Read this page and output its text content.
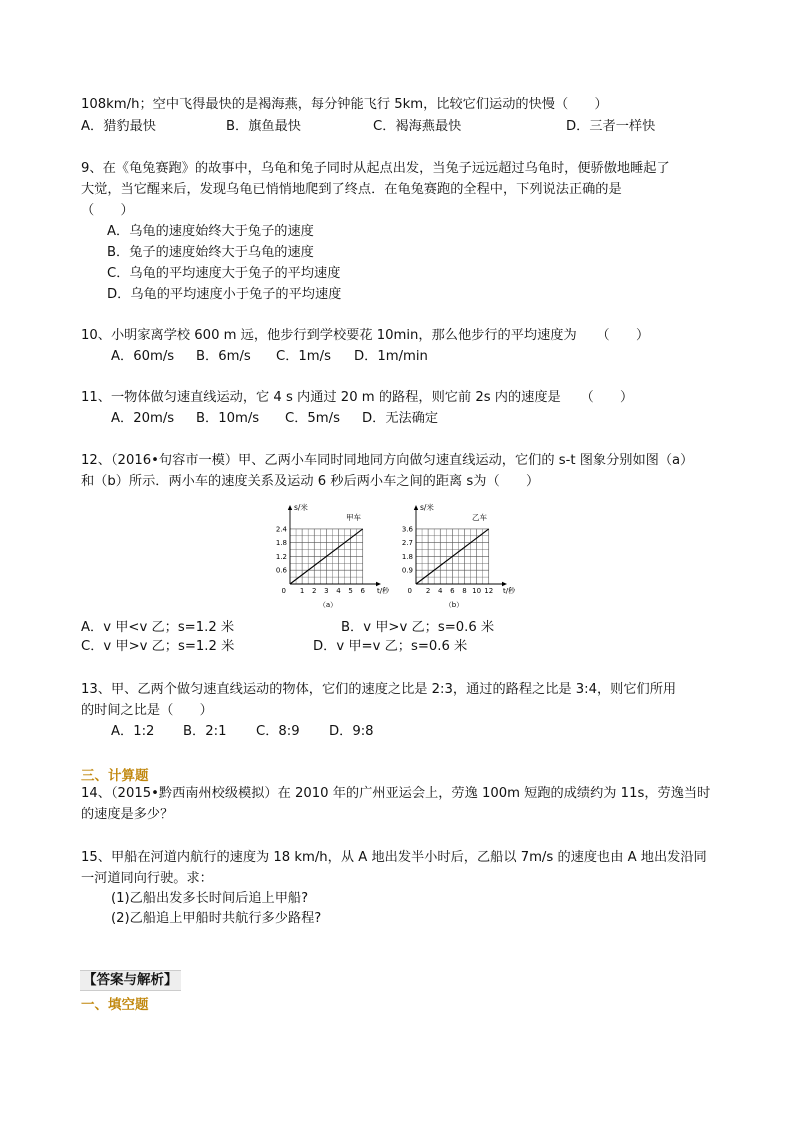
108km/h；空中飞得最快的是褐海燕，每分钟能飞行 5km，比较它们运动的快慢（　　）
A．猎豹最快	B．旗鱼最快	C．褐海燕最快	D．三者一样快
9、在《龟兔赛跑》的故事中，乌龟和兔子同时从起点出发，当兔子远远超过乌龟时，便骄傲地睡起了
大觉，当它醒来后，发现乌龟已悄悄地爬到了终点．在龟兔赛跑的全程中，下列说法正确的是
（　　）
A．乌龟的速度始终大于兔子的速度
B．兔子的速度始终大于乌龟的速度
C．乌龟的平均速度大于兔子的平均速度
D．乌龟的平均速度小于兔子的平均速度
10、小明家离学校 600 m 远，他步行到学校要花 10min，那么他步行的平均速度为　　（　　）
A．60m/s B．6m/s C．1m/s D．1m/min
11、一物体做匀速直线运动，它 4 s 内通过 20 m 的路程，则它前 2s 内的速度是　　（　　）
A．20m/s B．10m/s C．5m/s D．无法确定
12、（2016•句容市一模）甲、乙两小车同时同地同方向做匀速直线运动，它们的 s-t 图象分别如图（a）
和（b）所示．两小车的速度关系及运动 6 秒后两小车之间的距离 s为（　　）
1 2 3 4 5 6
0.6
1.2
1.8
2.4
0
s/米
t/秒
甲车
（a）
2 4 6 8 10 12
0.9
1.8
2.7
3.6
0
s/米
t/秒
乙车
（b）
A．v 甲<v 乙；s=1.2 米	B．v 甲>v 乙；s=0.6 米
C．v 甲>v 乙；s=1.2 米	D．v 甲=v 乙；s=0.6 米
13、甲、乙两个做匀速直线运动的物体，它们的速度之比是 2:3，通过的路程之比是 3:4，则它们所用
的时间之比是（　　）
A．1:2 B．2:1 C．8:9 D．9:8
三、计算题
14、（2015•黔西南州校级模拟）在 2010 年的广州亚运会上，劳逸 100m 短跑的成绩约为 11s，劳逸当时
的速度是多少？
15、甲船在河道内航行的速度为 18 km/h，从 A 地出发半小时后，乙船以 7m/s 的速度也由 A 地出发沿同
一河道同向行驶。求：
(1)乙船出发多长时间后追上甲船?
(2)乙船追上甲船时共航行多少路程?
【答案与解析】
一、填空题
